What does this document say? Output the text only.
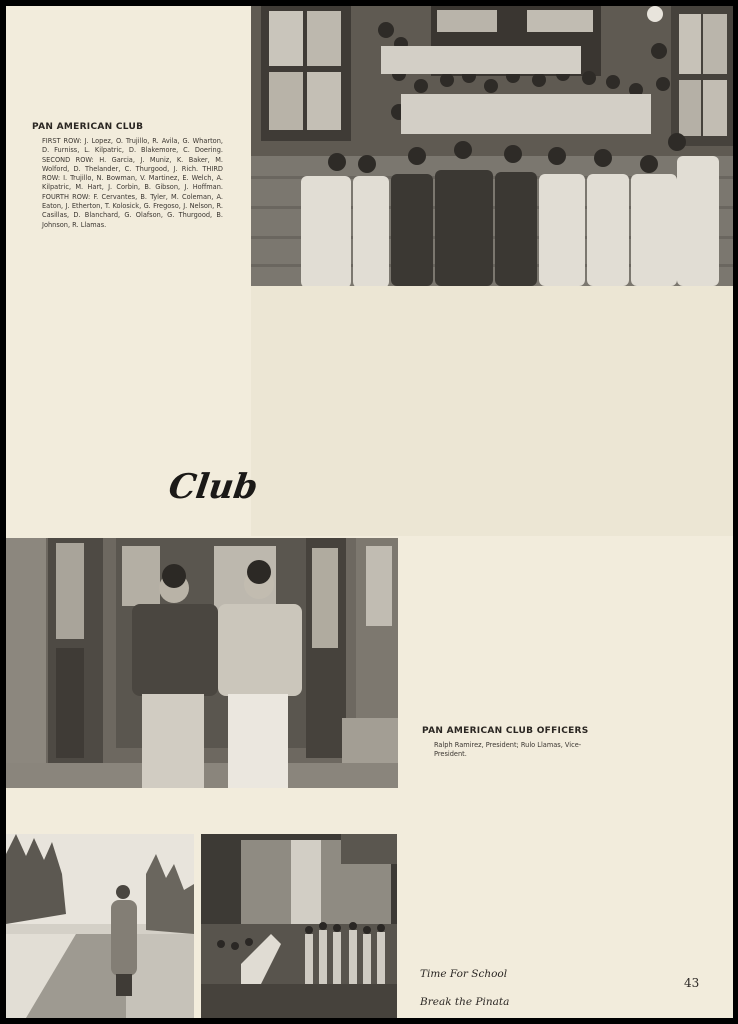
PAN AMERICAN CLUB
FIRST ROW: J. Lopez, O. Trujillo, R. Avila, G. Wharton, D. Furniss, L. Kilpatric, D. Blakemore, C. Doering. SECOND ROW: H. Garcia, J. Muniz, K. Baker, M. Wolford, D. Thelander, C. Thurgood, J. Rich. THIRD ROW: I. Trujillo, N. Bowman, V. Martinez, E. Welch, A. Kilpatric, M. Hart, J. Corbin, B. Gibson, J. Hoffman. FOURTH ROW: F. Cervantes, B. Tyler, M. Coleman, A. Eaton, J. Etherton, T. Kolosick, G. Fregoso, J. Nelson, R. Casillas, D. Blanchard, G. Olafson, G. Thurgood, B. Johnson, R. Llamas.
Club
PAN AMERICAN CLUB OFFICERS
Ralph Ramirez, President; Rulo Llamas, Vice-President.
Time For School
Break the Pinata
43
